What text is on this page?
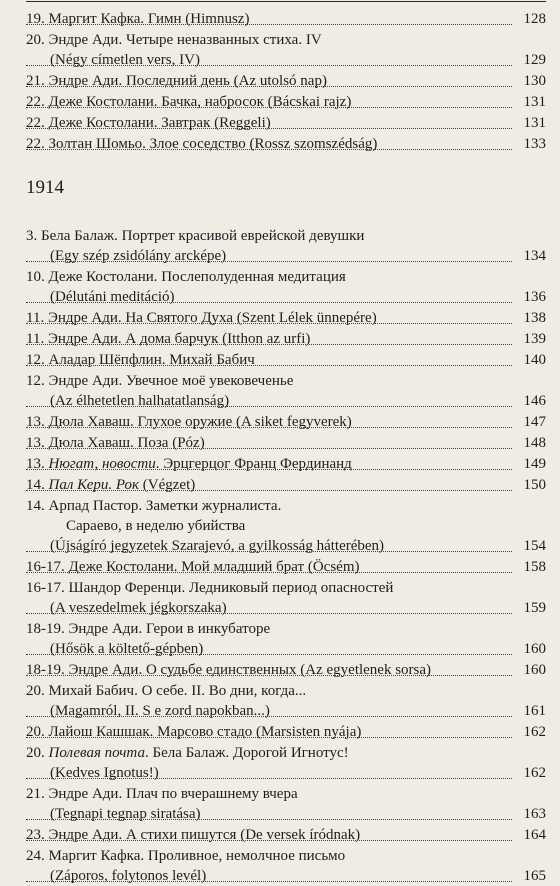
19. Маргит Кафка. Гимн (Himnusz)	128
20. Эндре Ади. Четыре неназванных стиха. IV
(Négy címetlen vers, IV)	129
21. Эндре Ади. Последний день (Az utolsó nap)	130
22. Деже Костолани. Бачка, набросок (Bácskai rajz)	131
22. Деже Костолани. Завтрак (Reggeli)	131
22. Золтан Шомьо. Злое соседство (Rossz szomszédság)	133
1914
3. Бела Балаж. Портрет красивой еврейской девушки
(Egy szép zsidólány arcképe)	134
10. Деже Костолани. Послеполуденная медитация
(Délutáni meditáció)	136
11. Эндре Ади. На Святого Духа (Szent Lélek ünnepére)	138
11. Эндре Ади. А дома барчук (Itthon az urfi)	139
12. Аладар Шёпфлин. Михай Бабич	140
12. Эндре Ади. Увечное моё увековеченье
(Az élhetetlen halhatatlanság)	146
13. Дюла Хаваш. Глухое оружие (A siket fegyverek)	147
13. Дюла Хаваш. Поза (Póz)	148
13. Нюгат, новости. Эрцгерцог Франц Фердинанд	149
14. Пал Кери. Рок (Végzet)	150
14. Арпад Пастор. Заметки журналиста.
Сараево, в неделю убийства
(Újságíró jegyzetek Szarajevó, a gyilkosság hátterében)	154
16-17. Деже Костолани. Мой младший брат (Öcsém)	158
16-17. Шандор Ференци. Ледниковый период опасностей
(A veszedelmek jégkorszaka)	159
18-19. Эндре Ади. Герои в инкубаторе
(Hősök a költető-gépben)	160
18-19. Эндре Ади. О судьбе единственных (Az egyetlenek sorsa)	160
20. Михай Бабич. О себе. II. Во дни, когда...
(Magamról, II. S e zord napokban...)	161
20. Лайош Кашшак. Марсово стадо (Marsisten nyája)	162
20. Полевая почта. Бела Балаж. Дорогой Игнотус!
(Kedves Ignotus!)	162
21. Эндре Ади. Плач по вчерашнему вчера
(Tegnapi tegnap siratása)	163
23. Эндре Ади. А стихи пишутся (De versek íródnak)	164
24. Маргит Кафка. Проливное, немолчное письмо
(Záporos, folytonos levél)	165
